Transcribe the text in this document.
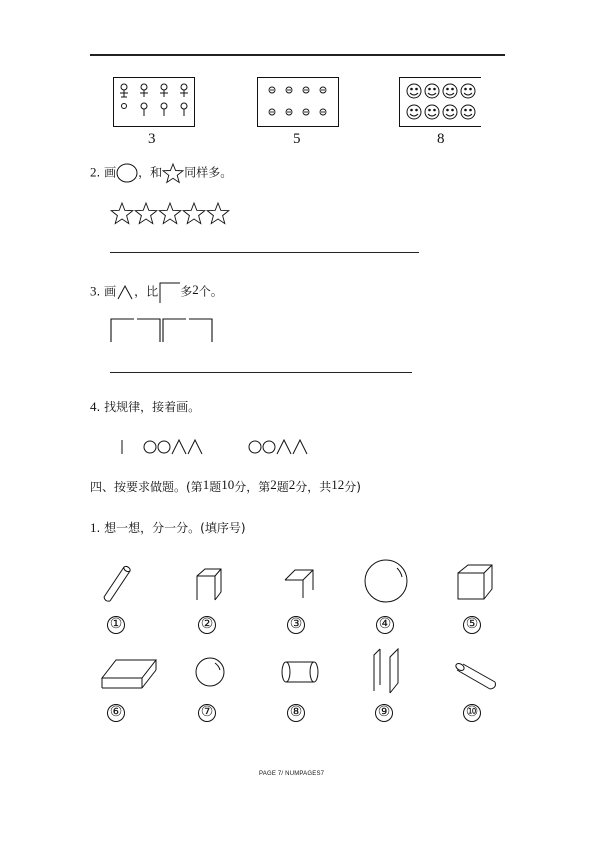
3	5	8
2. 画 ，和 同样多。
3. 画 ，比 多2个。
4. 找规律，接着画。
四、按要求做题。(第1题10分，第2题2分，共12分)
1. 想一想，分一分。(填序号)
①	②	③	④	⑤
⑥	⑦	⑧	⑨	⑩
PAGE 7/ NUMPAGES7
